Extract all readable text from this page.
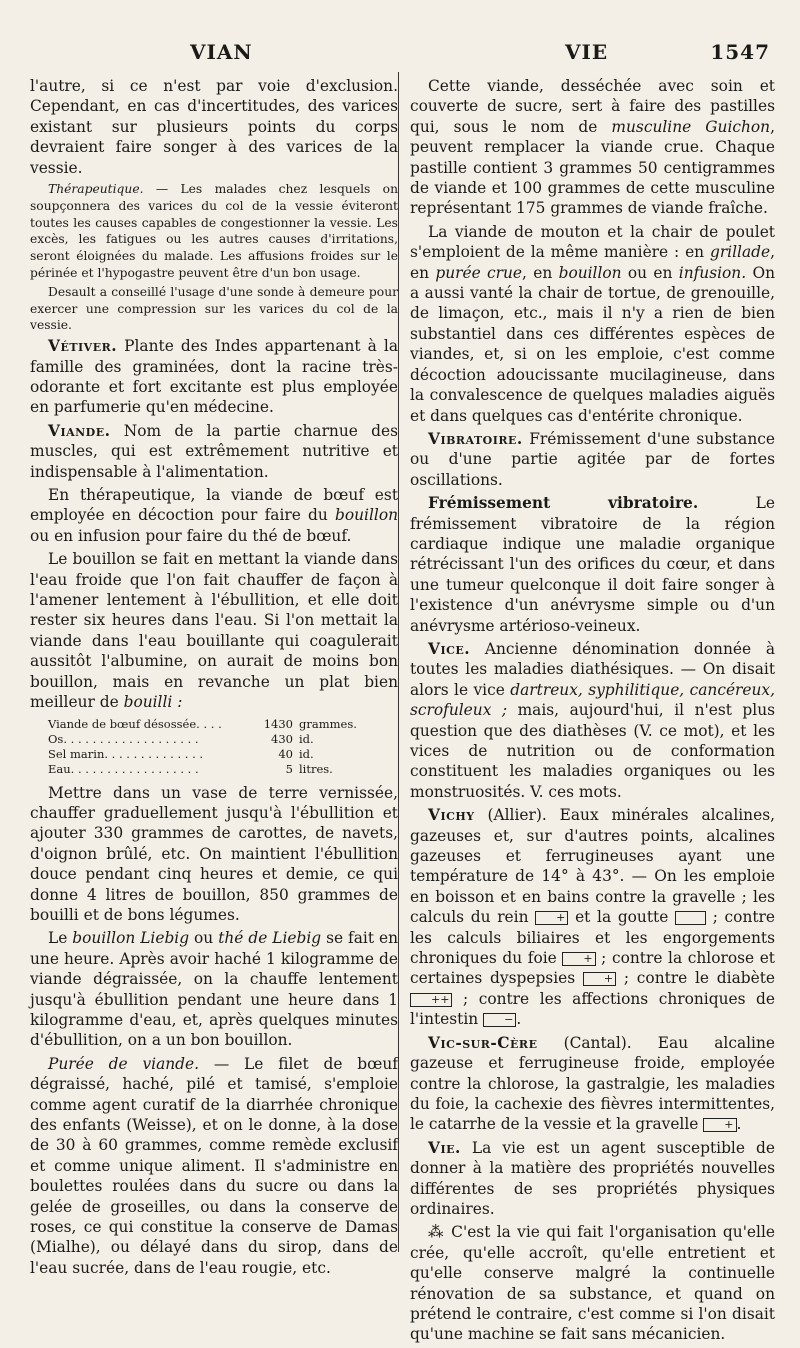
VIAN	VIE	1547

l'autre, si ce n'est par voie d'exclusion. Cependant, en cas d'incertitudes, des varices existant sur plusieurs points du corps devraient faire songer à des varices de la vessie.

Thérapeutique. — Les malades chez lesquels on soupçonnera des varices du col de la vessie éviteront toutes les causes capables de congestionner la vessie. Les excès, les fatigues ou les autres causes d'irritations, seront éloignées du malade. Les affusions froides sur le périnée et l'hypogastre peuvent être d'un bon usage.

Desault a conseillé l'usage d'une sonde à demeure pour exercer une compression sur les varices du col de la vessie.

Vétiver. Plante des Indes appartenant à la famille des graminées, dont la racine très-odorante et fort excitante est plus employée en parfumerie qu'en médecine.

Viande. Nom de la partie charnue des muscles, qui est extrêmement nutritive et indispensable à l'alimentation.

En thérapeutique, la viande de bœuf est employée en décoction pour faire du bouillon ou en infusion pour faire du thé de bœuf.

Le bouillon se fait en mettant la viande dans l'eau froide que l'on fait chauffer de façon à l'amener lentement à l'ébullition, et elle doit rester six heures dans l'eau. Si l'on mettait la viande dans l'eau bouillante qui coagulerait aussitôt l'albumine, on aurait de moins bon bouillon, mais en revanche un plat bien meilleur de bouilli :

Viande de bœuf désossée. . . .	1430	grammes.
Os. . . . . . . . . . . . . . . . . . .	430	id.
Sel marin. . . . . . . . . . . . . .	40	id.
Eau. . . . . . . . . . . . . . . . . .	5	litres.

Mettre dans un vase de terre vernissée, chauffer graduellement jusqu'à l'ébullition et ajouter 330 grammes de carottes, de navets, d'oignon brûlé, etc. On maintient l'ébullition douce pendant cinq heures et demie, ce qui donne 4 litres de bouillon, 850 grammes de bouilli et de bons légumes.

Le bouillon Liebig ou thé de Liebig se fait en une heure. Après avoir haché 1 kilogramme de viande dégraissée, on la chauffe lentement jusqu'à ébullition pendant une heure dans 1 kilogramme d'eau, et, après quelques minutes d'ébullition, on a un bon bouillon.

Purée de viande. — Le filet de bœuf dégraissé, haché, pilé et tamisé, s'emploie comme agent curatif de la diarrhée chronique des enfants (Weisse), et on le donne, à la dose de 30 à 60 grammes, comme remède exclusif et comme unique aliment. Il s'administre en boulettes roulées dans du sucre ou dans la gelée de groseilles, ou dans la conserve de roses, ce qui constitue la conserve de Damas (Mialhe), ou délayé dans du sirop, dans de l'eau sucrée, dans de l'eau rougie, etc.

Cette viande, desséchée avec soin et couverte de sucre, sert à faire des pastilles qui, sous le nom de musculine Guichon, peuvent remplacer la viande crue. Chaque pastille contient 3 grammes 50 centigrammes de viande et 100 grammes de cette musculine représentant 175 grammes de viande fraîche.

La viande de mouton et la chair de poulet s'emploient de la même manière : en grillade, en purée crue, en bouillon ou en infusion. On a aussi vanté la chair de tortue, de grenouille, de limaçon, etc., mais il n'y a rien de bien substantiel dans ces différentes espèces de viandes, et, si on les emploie, c'est comme décoction adoucissante mucilagineuse, dans la convalescence de quelques maladies aiguës et dans quelques cas d'entérite chronique.

Vibratoire. Frémissement d'une substance ou d'une partie agitée par de fortes oscillations.

Frémissement vibratoire. Le frémissement vibratoire de la région cardiaque indique une maladie organique rétrécissant l'un des orifices du cœur, et dans une tumeur quelconque il doit faire songer à l'existence d'un anévrysme simple ou d'un anévrysme artérioso-veineux.

Vice. Ancienne dénomination donnée à toutes les maladies diathésiques. — On disait alors le vice dartreux, syphilitique, cancéreux, scrofuleux ; mais, aujourd'hui, il n'est plus question que des diathèses (V. ce mot), et les vices de nutrition ou de conformation constituent les maladies organiques ou les monstruosités. V. ces mots.

Vichy (Allier). Eaux minérales alcalines, gazeuses et, sur d'autres points, alcalines gazeuses et ferrugineuses ayant une température de 14° à 43°. — On les emploie en boisson et en bains contre la gravelle ; les calculs du rein + et la goutte    ; contre les calculs biliaires et les engorgements chroniques du foie + ; contre la chlorose et certaines dyspepsies + ; contre le diabète ++ ; contre les affections chroniques de l'intestin − .

Vic-sur-Cère (Cantal). Eau alcaline gazeuse et ferrugineuse froide, employée contre la chlorose, la gastralgie, les maladies du foie, la cachexie des fièvres intermittentes, le catarrhe de la vessie et la gravelle + .

Vie. La vie est un agent susceptible de donner à la matière des propriétés nouvelles différentes de ses propriétés physiques ordinaires.

⁂ C'est la vie qui fait l'organisation qu'elle crée, qu'elle accroît, qu'elle entretient et qu'elle conserve malgré la continuelle rénovation de sa substance, et quand on prétend le contraire, c'est comme si l'on disait qu'une machine se fait sans mécanicien.
